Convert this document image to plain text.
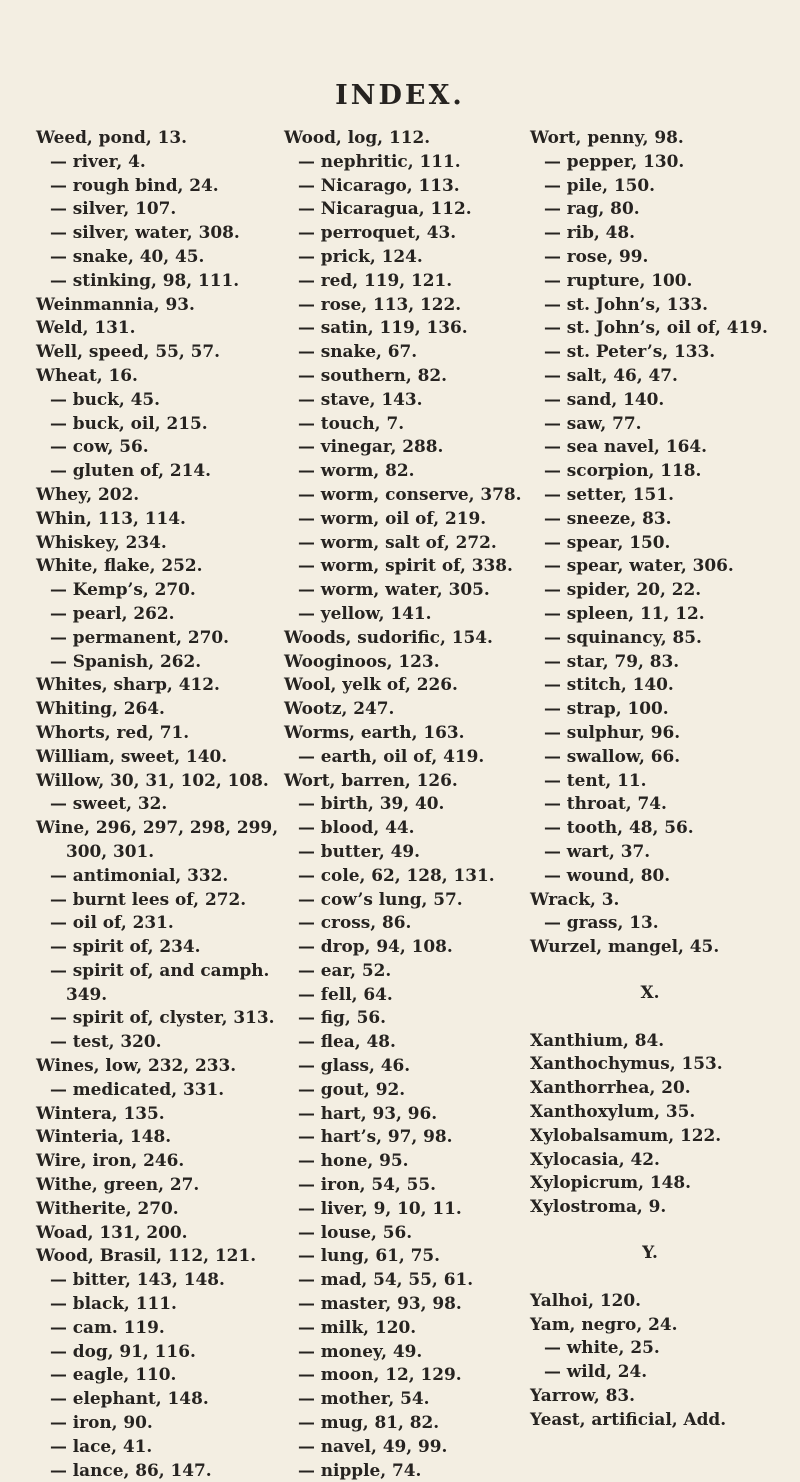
INDEX.
Weed, pond, 13.
— river, 4.
— rough bind, 24.
— silver, 107.
— silver, water, 308.
— snake, 40, 45.
— stinking, 98, 111.
Weinmannia, 93.
Weld, 131.
Well, speed, 55, 57.
Wheat, 16.
— buck, 45.
— buck, oil, 215.
— cow, 56.
— gluten of, 214.
Whey, 202.
Whin, 113, 114.
Whiskey, 234.
White, flake, 252.
— Kemp’s, 270.
— pearl, 262.
— permanent, 270.
— Spanish, 262.
Whites, sharp, 412.
Whiting, 264.
Whorts, red, 71.
William, sweet, 140.
Willow, 30, 31, 102, 108.
— sweet, 32.
Wine, 296, 297, 298, 299,
300, 301.
— antimonial, 332.
— burnt lees of, 272.
— oil of, 231.
— spirit of, 234.
— spirit of, and camph.
349.
— spirit of, clyster, 313.
— test, 320.
Wines, low, 232, 233.
— medicated, 331.
Wintera, 135.
Winteria, 148.
Wire, iron, 246.
Withe, green, 27.
Witherite, 270.
Woad, 131, 200.
Wood, Brasil, 112, 121.
— bitter, 143, 148.
— black, 111.
— cam. 119.
— dog, 91, 116.
— eagle, 110.
— elephant, 148.
— iron, 90.
— lace, 41.
— lance, 86, 147.
Wood, log, 112.
— nephritic, 111.
— Nicarago, 113.
— Nicaragua, 112.
— perroquet, 43.
— prick, 124.
— red, 119, 121.
— rose, 113, 122.
— satin, 119, 136.
— snake, 67.
— southern, 82.
— stave, 143.
— touch, 7.
— vinegar, 288.
— worm, 82.
— worm, conserve, 378.
— worm, oil of, 219.
— worm, salt of, 272.
— worm, spirit of, 338.
— worm, water, 305.
— yellow, 141.
Woods, sudorific, 154.
Wooginoos, 123.
Wool, yelk of, 226.
Wootz, 247.
Worms, earth, 163.
— earth, oil of, 419.
Wort, barren, 126.
— birth, 39, 40.
— blood, 44.
— butter, 49.
— cole, 62, 128, 131.
— cow’s lung, 57.
— cross, 86.
— drop, 94, 108.
— ear, 52.
— fell, 64.
— fig, 56.
— flea, 48.
— glass, 46.
— gout, 92.
— hart, 93, 96.
— hart’s, 97, 98.
— hone, 95.
— iron, 54, 55.
— liver, 9, 10, 11.
— louse, 56.
— lung, 61, 75.
— mad, 54, 55, 61.
— master, 93, 98.
— milk, 120.
— money, 49.
— moon, 12, 129.
— mother, 54.
— mug, 81, 82.
— navel, 49, 99.
— nipple, 74.
Wort, penny, 98.
— pepper, 130.
— pile, 150.
— rag, 80.
— rib, 48.
— rose, 99.
— rupture, 100.
— st. John’s, 133.
— st. John’s, oil of, 419.
— st. Peter’s, 133.
— salt, 46, 47.
— sand, 140.
— saw, 77.
— sea navel, 164.
— scorpion, 118.
— setter, 151.
— sneeze, 83.
— spear, 150.
— spear, water, 306.
— spider, 20, 22.
— spleen, 11, 12.
— squinancy, 85.
— star, 79, 83.
— stitch, 140.
— strap, 100.
— sulphur, 96.
— swallow, 66.
— tent, 11.
— throat, 74.
— tooth, 48, 56.
— wart, 37.
— wound, 80.
Wrack, 3.
— grass, 13.
Wurzel, mangel, 45.
X.
Xanthium, 84.
Xanthochymus, 153.
Xanthorrhea, 20.
Xanthoxylum, 35.
Xylobalsamum, 122.
Xylocasia, 42.
Xylopicrum, 148.
Xylostroma, 9.
Y.
Yalhoi, 120.
Yam, negro, 24.
— white, 25.
— wild, 24.
Yarrow, 83.
Yeast, artificial, Add.
